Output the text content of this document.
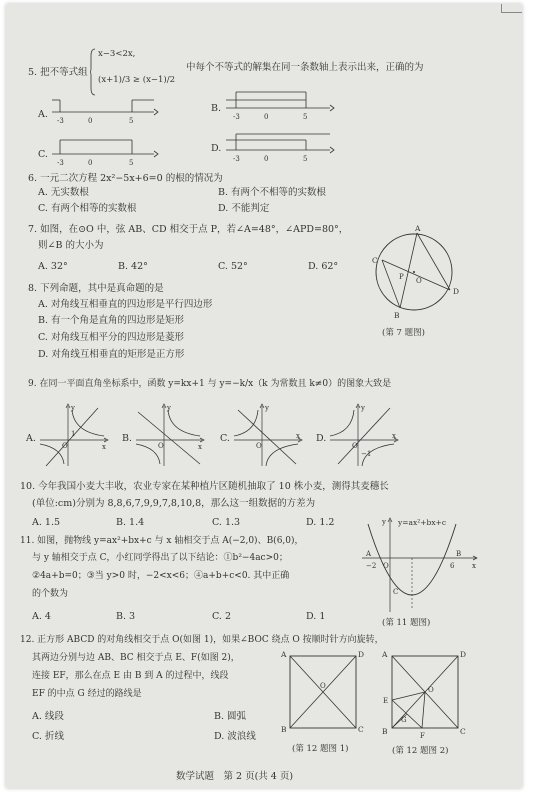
5. 把不等式组
x−3<2x,
(x+1)/3 ≥ (x−1)/2
中每个不等式的解集在同一条数轴上表示出来，正确的为
A.
-3	0	5
B.
-3	0	5
C.
-3	0	5
D.
-3	0	5
6. 一元二次方程 2x²−5x+6=0 的根的情况为
A. 无实数根	B. 有两个不相等的实数根
C. 有两个相等的实数根	D. 不能判定
7. 如图，在⊙O 中，弦 AB、CD 相交于点 P，若∠A=48°，∠APD=80°，
则∠B 的大小为
A. 32°	B. 42°	C. 52°	D. 62°
A
B
C
D
P O
(第 7 题图)
8. 下列命题，其中是真命题的是
A. 对角线互相垂直的四边形是平行四边形
B. 有一个角是直角的四边形是矩形
C. 对角线互相平分的四边形是菱形
D. 对角线互相垂直的矩形是正方形
9. 在同一平面直角坐标系中，函数 y=kx+1 与 y=−k/x（k 为常数且 k≠0）的图象大致是
A.	1
O	x
y
B.
O	x
y
C.
O
x
y
D.
−1
O
x
y
10. 今年我国小麦大丰收，农业专家在某种植片区随机抽取了 10 株小麦，测得其麦穗长
(单位:cm)分别为 8,8,6,7,9,9,7,8,10,8，那么这一组数据的方差为
A. 1.5	B. 1.4	C. 1.3	D. 1.2
11. 如图，抛物线 y=ax²+bx+c 与 x 轴相交于点 A(−2,0)、B(6,0)，
与 y 轴相交于点 C，小红同学得出了以下结论：①b²−4ac>0；
②4a+b=0；③当 y>0 时，−2<x<6；④a+b+c<0. 其中正确
的个数为
A. 4	B. 3	C. 2	D. 1
y=ax²+bx+c
A
−2 O	6
B
C
x
y
(第 11 题图)
12. 正方形 ABCD 的对角线相交于点 O(如图 1)，如果∠BOC 绕点 O 按顺时针方向旋转，
其两边分别与边 AB、BC 相交于点 E、F(如图 2)，
连接 EF，那么在点 E 由 B 到 A 的过程中，线段
EF 的中点 G 经过的路线是
A. 线段	B. 圆弧
C. 折线	D. 波浪线
A
B	C
D
O
(第 12 题图 1)
A
B	C
D
O
E
F
G
(第 12 题图 2)
数学试题　第 2 页(共 4 页)
